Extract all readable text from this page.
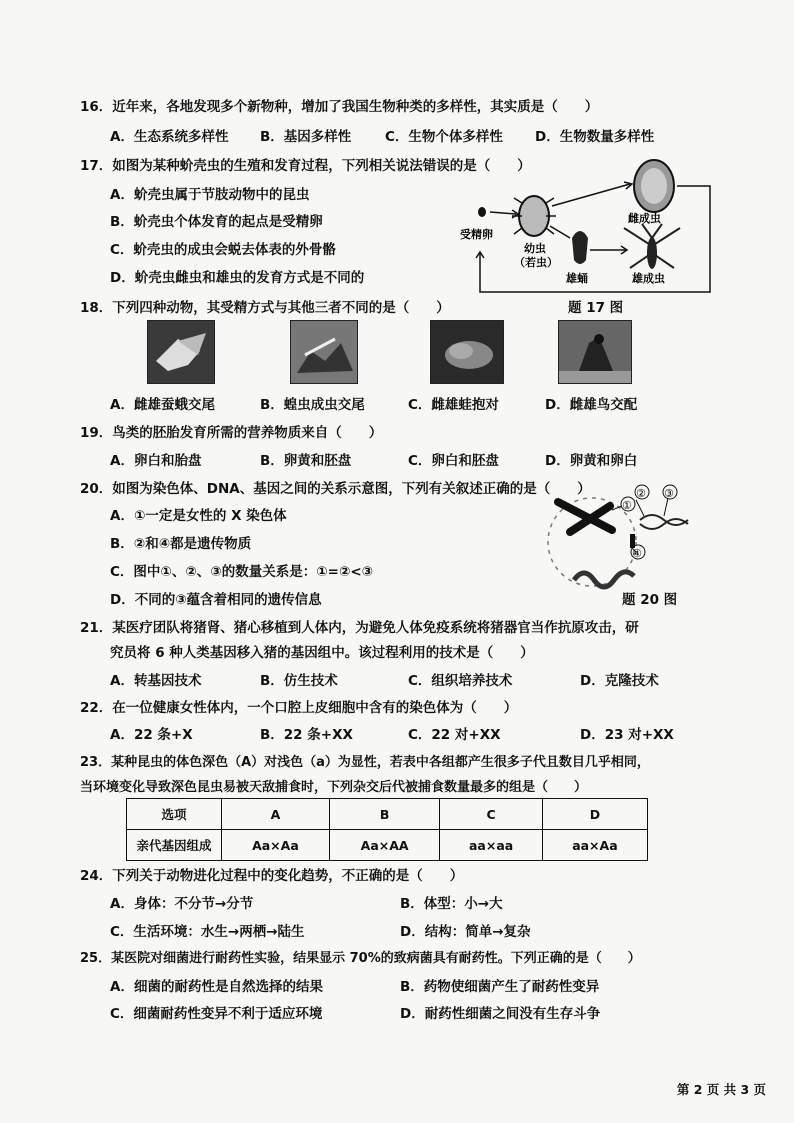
16．近年来，各地发现多个新物种，增加了我国生物种类的多样性，其实质是（　　）
A．生态系统多样性 B．基因多样性 C．生物个体多样性 D．生物数量多样性
17．如图为某种蚧壳虫的生殖和发育过程，下列相关说法错误的是（　　）
A．蚧壳虫属于节肢动物中的昆虫
B．蚧壳虫个体发育的起点是受精卵
C．蚧壳虫的成虫会蜕去体表的外骨骼
D．蚧壳虫雌虫和雄虫的发育方式是不同的
受精卵
幼虫
（若虫）
雌成虫
雄蛹	雄成虫
题 17 图
18．下列四种动物，其受精方式与其他三者不同的是（　　）
A．雌雄蚕蛾交尾	B．蝗虫成虫交尾	C．雌雄蛙抱对	D．雌雄鸟交配
19．鸟类的胚胎发育所需的营养物质来自（　　）
A．卵白和胎盘	B．卵黄和胚盘	C．卵白和胚盘	D．卵黄和卵白
20．如图为染色体、DNA、基因之间的关系示意图，下列有关叙述正确的是（　　）
A．①一定是女性的 X 染色体
B．②和④都是遗传物质
C．图中①、②、③的数量关系是：①=②<③
D．不同的③蕴含着相同的遗传信息
①
② ③
④
题 20 图
21．某医疗团队将猪肾、猪心移植到人体内，为避免人体免疫系统将猪器官当作抗原攻击，研
究员将 6 种人类基因移入猪的基因组中。该过程利用的技术是（　　）
A．转基因技术	B．仿生技术	C．组织培养技术	D．克隆技术
22．在一位健康女性体内，一个口腔上皮细胞中含有的染色体为（　　）
A．22 条+X	B．22 条+XX	C．22 对+XX	D．23 对+XX
23．某种昆虫的体色深色（A）对浅色（a）为显性，若表中各组都产生很多子代且数目几乎相同，
当环境变化导致深色昆虫易被天敌捕食时，下列杂交后代被捕食数量最多的组是（　　）
选项	A	B	C	D
亲代基因组成	Aa×Aa	Aa×AA	aa×aa	aa×Aa
24．下列关于动物进化过程中的变化趋势，不正确的是（　　）
A．身体：不分节→分节	B．体型：小→大
C．生活环境：水生→两栖→陆生	D．结构：简单→复杂
25．某医院对细菌进行耐药性实验，结果显示 70%的致病菌具有耐药性。下列正确的是（　　）
A．细菌的耐药性是自然选择的结果	B．药物使细菌产生了耐药性变异
C．细菌耐药性变异不利于适应环境	D．耐药性细菌之间没有生存斗争
第 2 页 共 3 页
